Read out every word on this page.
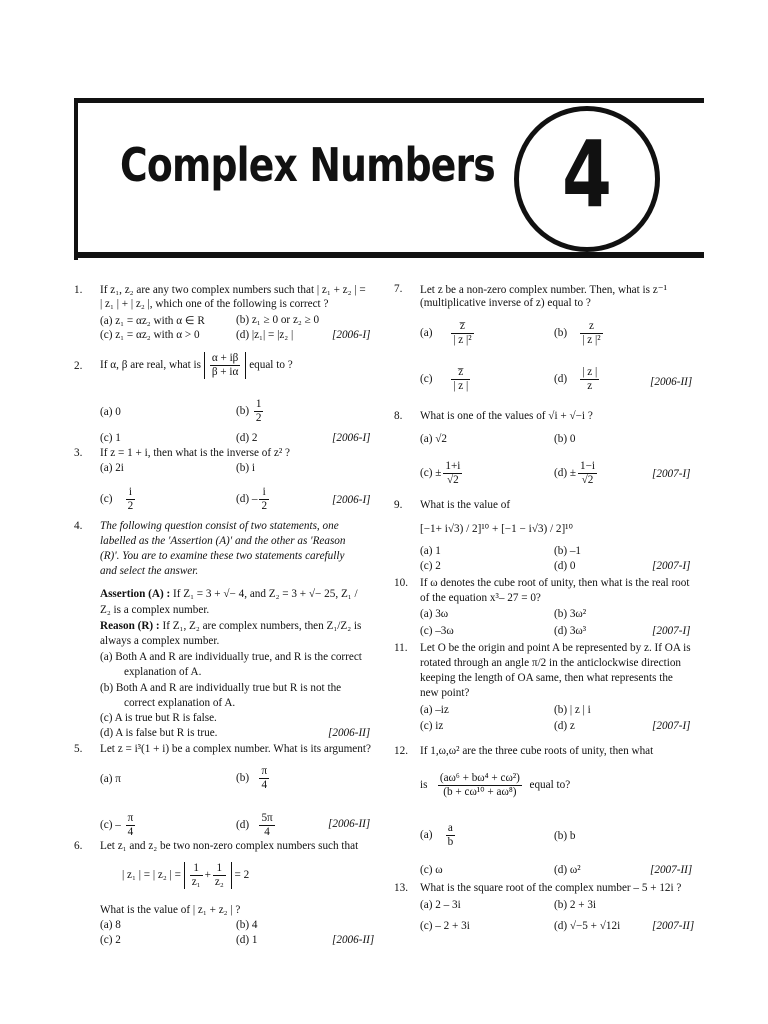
Complex Numbers 4
1. If z₁, z₂ are any two complex numbers such that | z₁ + z₂ | =
| z₁ | + | z₂ |, which one of the following is correct ?
(a) z₁ = αz₂ with α ∈ R	(b) z₁ ≥ 0 or z₂ ≥ 0
(c) z₁ = αz₂ with α > 0	(d) |z₁| = |z₂ |	[2006-I]
2. If α, β are real, what is $\frac{\alpha + i\beta}{\beta + i\alpha}$ equal to ?
(a) 0	$(b) \frac{1}{2}$
(c) 1	(d) 2	[2006-I]
3. If z = 1 + i, then what is the inverse of z² ?
(a) 2i	(b) i
$(c) \frac{i}{2}$	$(d) - \frac{i}{2}$	[2006-I]
4. The following question consist of two statements, one
labelled as the 'Assertion (A)' and the other as 'Reason
(R)'. You are to examine these two statements carefully
and select the answer.
Assertion (A) : If Z₁ = 3 + √− 4, and Z₂ = 3 + √− 25, Z₁ /
Z₂ is a complex number.
Reason (R) : If Z₁, Z₂ are complex numbers, then Z₁/Z₂ is
always a complex number.
(a) Both A and R are individually true, and R is the correct
explanation of A.
(b) Both A and R are individually true but R is not the
correct explanation of A.
(c) A is true but R is false.
(d) A is false but R is true.	[2006-II]
5. Let z = i³(1 + i) be a complex number. What is its argument?
(a) π	$(b) \frac{\pi}{4}$
$(c) - \frac{\pi}{4}$	$(d) \frac{5\pi}{4}$	[2006-II]
6. Let z₁ and z₂ be two non-zero complex numbers such that
| z₁ | = | z₂ | = $\frac{1}{\text{z₁}} + \frac{1}{\text{z₂}} = 2$
What is the value of | z₁ + z₂ | ?
(a) 8	(b) 4
(c) 2	(d) 1	[2006-II]
7. Let z be a non-zero complex number. Then, what is z⁻¹
(multiplicative inverse of z) equal to ?
$(a) \frac{z̅}{\text{| z |²}}$	$(b) \frac{z}{\text{| z |²}}$
$(c) \frac{z̅}{| z |}$	$(d) \frac{| z |}{z}$	[2006-II]
8. What is one of the values of √i + √−i ?
(a) √2	(b) 0
$(c) \pm \frac{1+i}{√2}$	$(d) \pm \frac{1-i}{√2}$	[2007-I]
9. What is the value of
[−1+ i√3) / 2]¹⁰ + [−1 − i√3) / 2]¹⁰
(a) 1	(b) –1
(c) 2	(d) 0	[2007-I]
10. If ω denotes the cube root of unity, then what is the real root
of the equation x³– 27 = 0?
(a) 3ω	(b) 3ω²
(c) –3ω	(d) 3ω³	[2007-I]
11. Let O be the origin and point A be represented by z. If OA is
rotated through an angle π/2 in the anticlockwise direction
keeping the length of OA same, then what represents the
new point?
(a) –iz	(b) | z | i
(c) iz	(d) z	[2007-I]
12. If 1,ω,ω² are the three cube roots of unity, then what
is $\frac{\text{(aω⁶ + bω⁴ + cω²)}}{\text{(b + cω¹⁰ + aω⁸)}}$ equal to?
$(a) \frac{a}{b}$	(b) b
(c) ω	(d) ω²	[2007-II]
13. What is the square root of the complex number – 5 + 12i ?
(a) 2 – 3i	(b) 2 + 3i
(c) – 2 + 3i	(d) √−5 + √12i	[2007-II]
